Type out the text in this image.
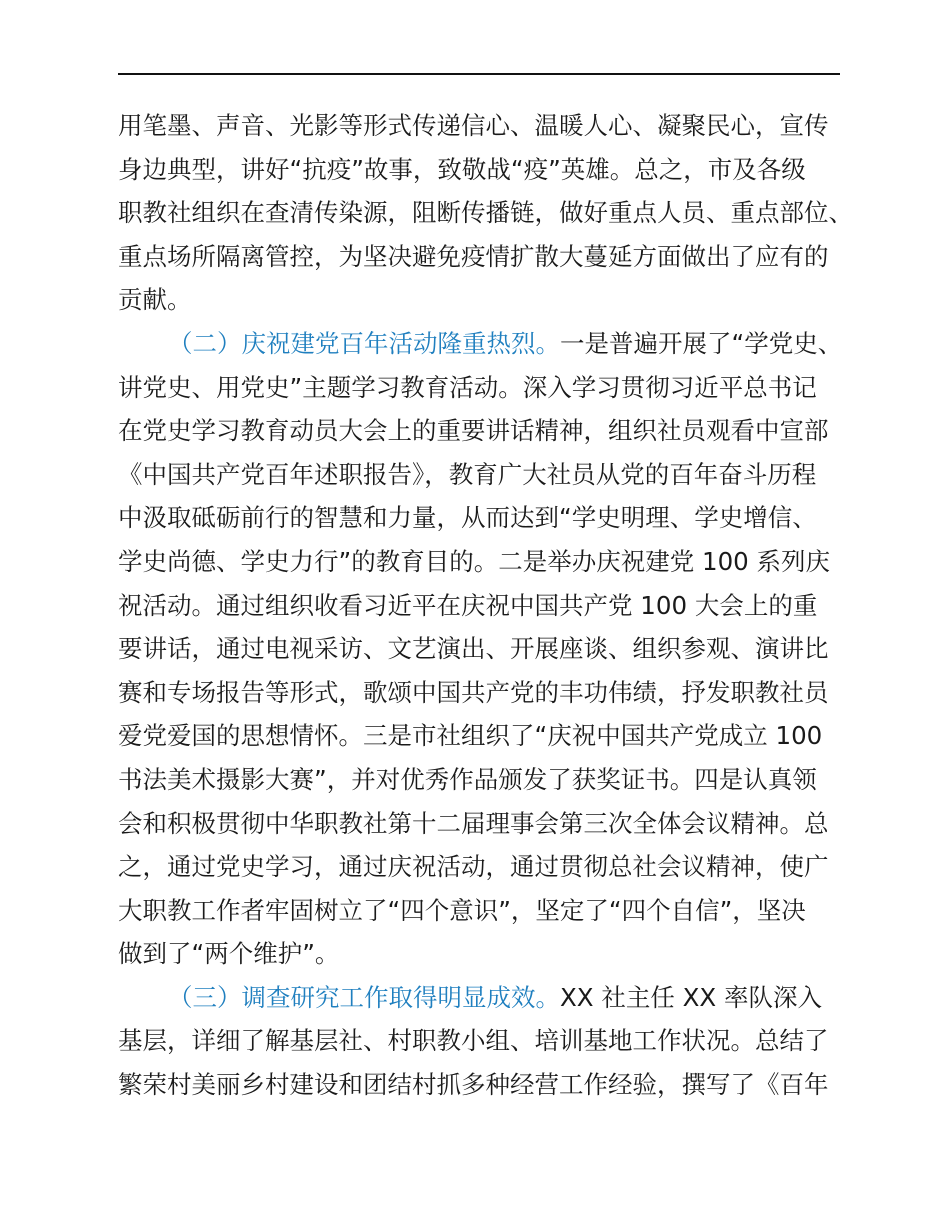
用笔墨、声音、光影等形式传递信心、温暖人心、凝聚民心，宣传
身边典型，讲好“抗疫”故事，致敬战“疫”英雄。总之，市及各级
职教社组织在查清传染源，阻断传播链，做好重点人员、重点部位、
重点场所隔离管控，为坚决避免疫情扩散大蔓延方面做出了应有的
贡献。
（二）庆祝建党百年活动隆重热烈。一是普遍开展了“学党史、
讲党史、用党史”主题学习教育活动。深入学习贯彻习近平总书记
在党史学习教育动员大会上的重要讲话精神，组织社员观看中宣部
《中国共产党百年述职报告》，教育广大社员从党的百年奋斗历程
中汲取砥砺前行的智慧和力量，从而达到“学史明理、学史增信、
学史尚德、学史力行”的教育目的。二是举办庆祝建党 100 系列庆
祝活动。通过组织收看习近平在庆祝中国共产党 100 大会上的重
要讲话，通过电视采访、文艺演出、开展座谈、组织参观、演讲比
赛和专场报告等形式，歌颂中国共产党的丰功伟绩，抒发职教社员
爱党爱国的思想情怀。三是市社组织了“庆祝中国共产党成立 100
书法美术摄影大赛”，并对优秀作品颁发了获奖证书。四是认真领
会和积极贯彻中华职教社第十二届理事会第三次全体会议精神。总
之，通过党史学习，通过庆祝活动，通过贯彻总社会议精神，使广
大职教工作者牢固树立了“四个意识”，坚定了“四个自信”，坚决
做到了“两个维护”。
（三）调查研究工作取得明显成效。XX 社主任 XX 率队深入
基层，详细了解基层社、村职教小组、培训基地工作状况。总结了
繁荣村美丽乡村建设和团结村抓多种经营工作经验，撰写了《百年
